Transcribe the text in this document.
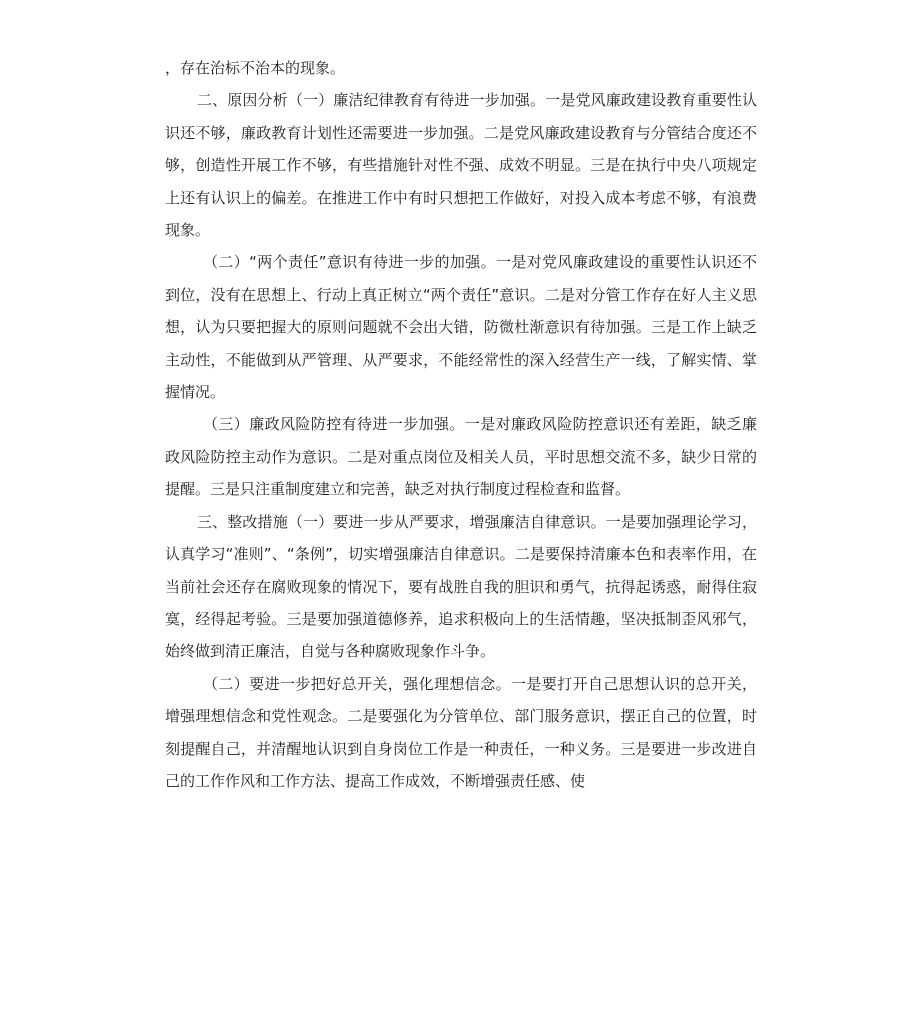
，存在治标不治本的现象。

二、原因分析（一）廉洁纪律教育有待进一步加强。一是党风廉政建设教育重要性认识还不够，廉政教育计划性还需要进一步加强。二是党风廉政建设教育与分管结合度还不够，创造性开展工作不够，有些措施针对性不强、成效不明显。三是在执行中央八项规定上还有认识上的偏差。在推进工作中有时只想把工作做好，对投入成本考虑不够，有浪费现象。

（二）“两个责任”意识有待进一步的加强。一是对党风廉政建设的重要性认识还不到位，没有在思想上、行动上真正树立“两个责任”意识。二是对分管工作存在好人主义思想，认为只要把握大的原则问题就不会出大错，防微杜渐意识有待加强。三是工作上缺乏主动性，不能做到从严管理、从严要求，不能经常性的深入经营生产一线，了解实情、掌握情况。

（三）廉政风险防控有待进一步加强。一是对廉政风险防控意识还有差距，缺乏廉政风险防控主动作为意识。二是对重点岗位及相关人员，平时思想交流不多，缺少日常的提醒。三是只注重制度建立和完善，缺乏对执行制度过程检查和监督。

三、整改措施（一）要进一步从严要求，增强廉洁自律意识。一是要加强理论学习，认真学习“准则”、“条例”，切实增强廉洁自律意识。二是要保持清廉本色和表率作用，在当前社会还存在腐败现象的情况下，要有战胜自我的胆识和勇气，抗得起诱惑，耐得住寂寞，经得起考验。三是要加强道德修养，追求积极向上的生活情趣，坚决抵制歪风邪气，始终做到清正廉洁，自觉与各种腐败现象作斗争。

（二）要进一步把好总开关，强化理想信念。一是要打开自己思想认识的总开关，增强理想信念和党性观念。二是要强化为分管单位、部门服务意识，摆正自己的位置，时刻提醒自己，并清醒地认识到自身岗位工作是一种责任，一种义务。三是要进一步改进自己的工作作风和工作方法、提高工作成效，不断增强责任感、使
